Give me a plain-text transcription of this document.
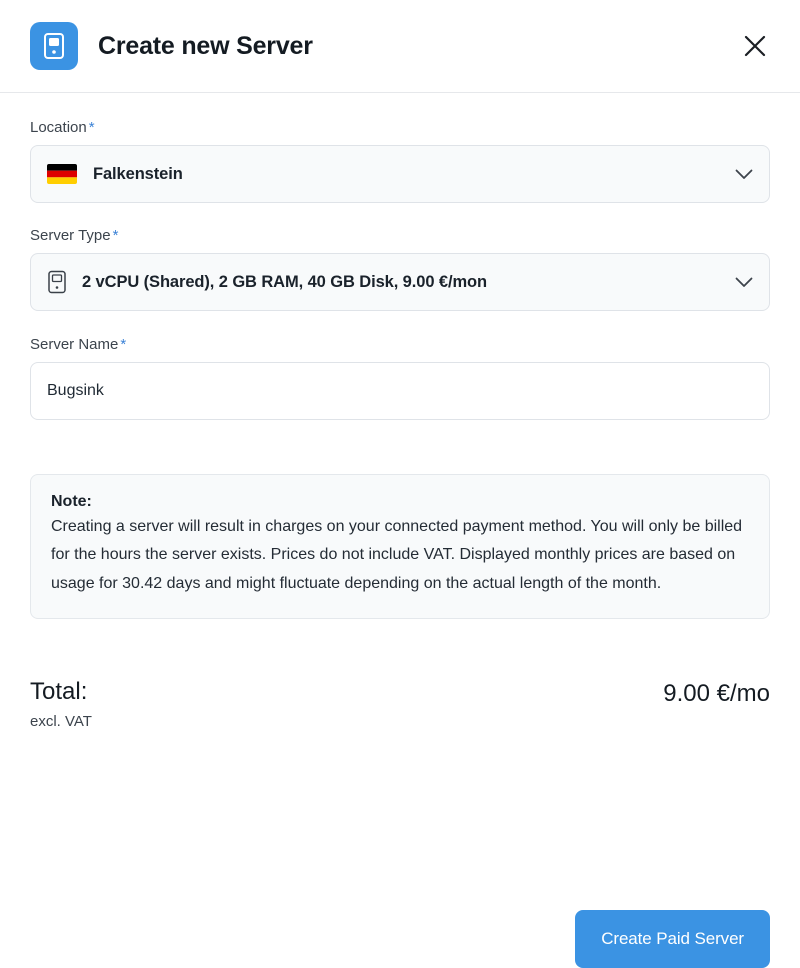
Create new Server
Location *
Falkenstein
Server Type *
2 vCPU (Shared), 2 GB RAM, 40 GB Disk, 9.00 €/mon
Server Name *
Bugsink
Note:
Creating a server will result in charges on your connected payment method. You will only be billed for the hours the server exists. Prices do not include VAT. Displayed monthly prices are based on usage for 30.42 days and might fluctuate depending on the actual length of the month.
Total:
excl. VAT
9.00 €/mo
Create Paid Server
